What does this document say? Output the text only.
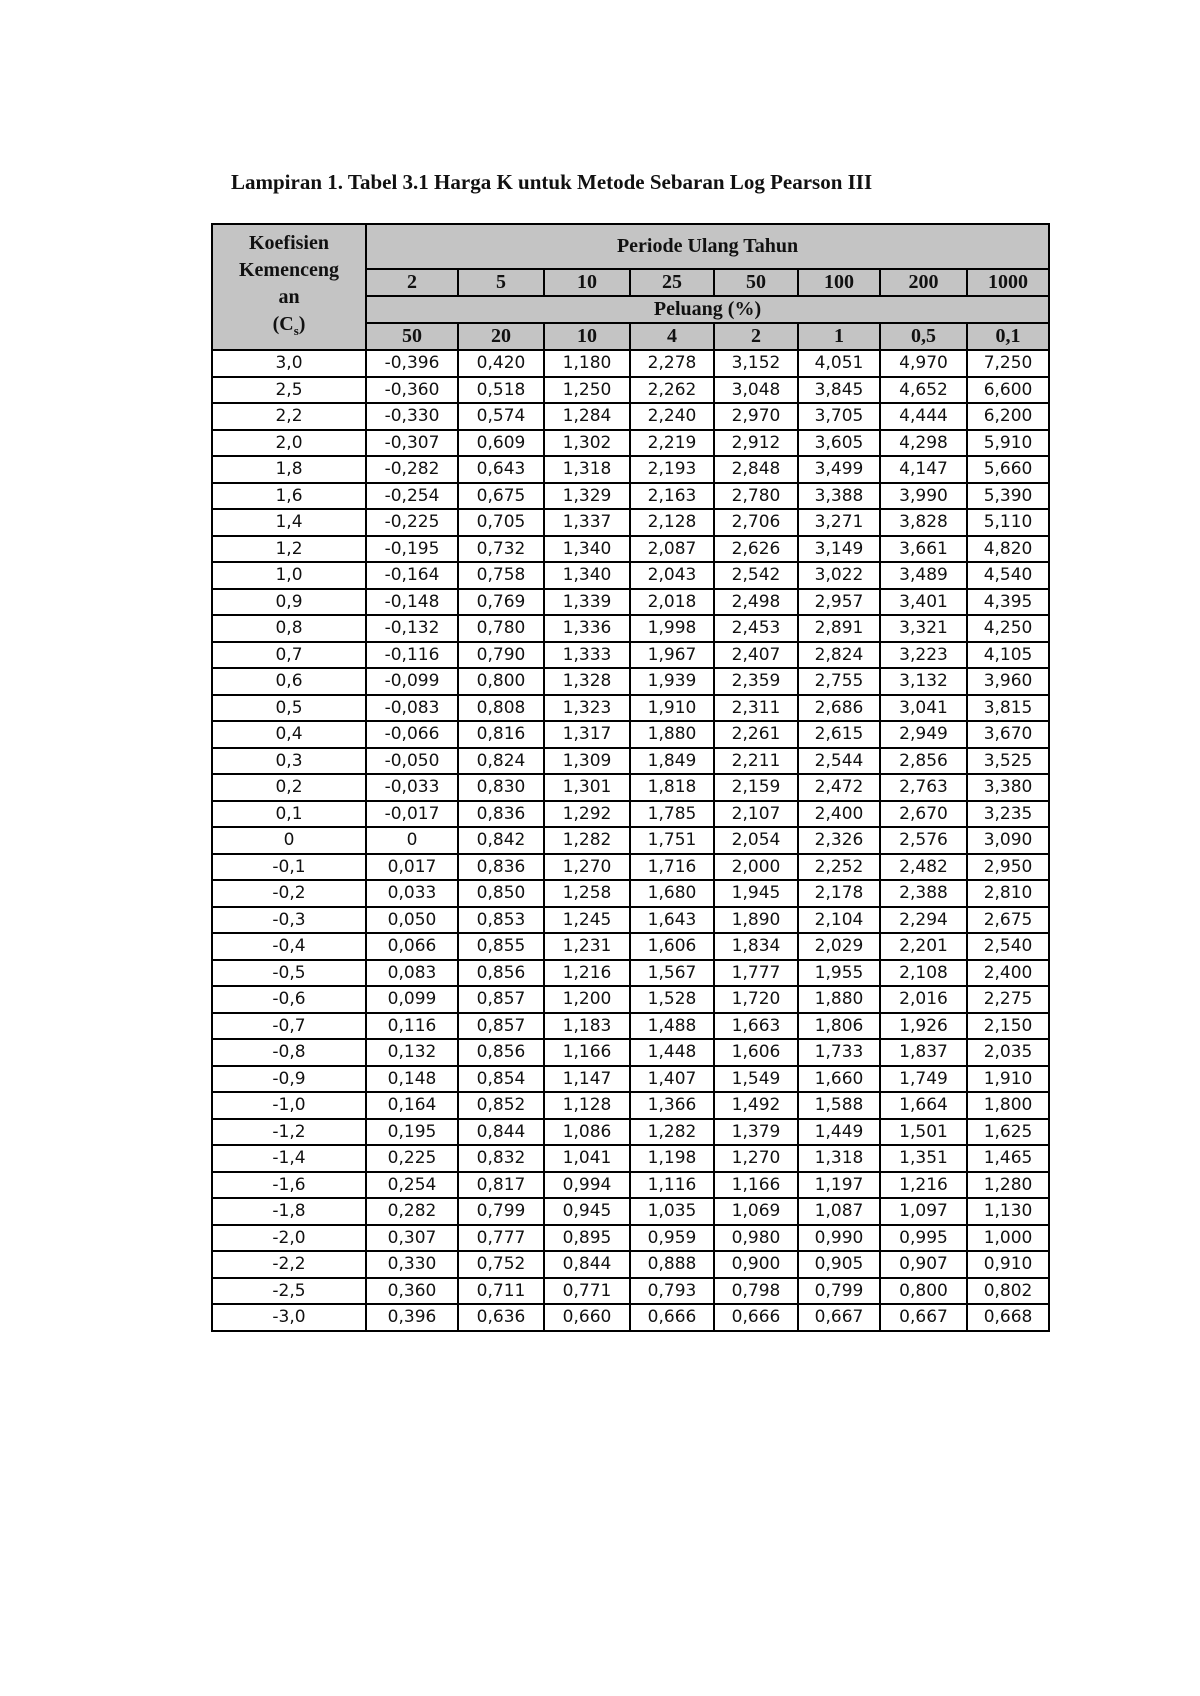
Lampiran 1. Tabel 3.1 Harga K untuk Metode Sebaran Log Pearson III
Koefisien
Kemenceng
an
$(C_s)$	Periode Ulang Tahun							
	2	5	10	25	50	100	200	1000
	Peluang (%)							
	50	20	10	4	2	1	0,5	0,1
3,0	-0,396	0,420	1,180	2,278	3,152	4,051	4,970	7,250
2,5	-0,360	0,518	1,250	2,262	3,048	3,845	4,652	6,600
2,2	-0,330	0,574	1,284	2,240	2,970	3,705	4,444	6,200
2,0	-0,307	0,609	1,302	2,219	2,912	3,605	4,298	5,910
1,8	-0,282	0,643	1,318	2,193	2,848	3,499	4,147	5,660
1,6	-0,254	0,675	1,329	2,163	2,780	3,388	3,990	5,390
1,4	-0,225	0,705	1,337	2,128	2,706	3,271	3,828	5,110
1,2	-0,195	0,732	1,340	2,087	2,626	3,149	3,661	4,820
1,0	-0,164	0,758	1,340	2,043	2,542	3,022	3,489	4,540
0,9	-0,148	0,769	1,339	2,018	2,498	2,957	3,401	4,395
0,8	-0,132	0,780	1,336	1,998	2,453	2,891	3,321	4,250
0,7	-0,116	0,790	1,333	1,967	2,407	2,824	3,223	4,105
0,6	-0,099	0,800	1,328	1,939	2,359	2,755	3,132	3,960
0,5	-0,083	0,808	1,323	1,910	2,311	2,686	3,041	3,815
0,4	-0,066	0,816	1,317	1,880	2,261	2,615	2,949	3,670
0,3	-0,050	0,824	1,309	1,849	2,211	2,544	2,856	3,525
0,2	-0,033	0,830	1,301	1,818	2,159	2,472	2,763	3,380
0,1	-0,017	0,836	1,292	1,785	2,107	2,400	2,670	3,235
0	0	0,842	1,282	1,751	2,054	2,326	2,576	3,090
-0,1	0,017	0,836	1,270	1,716	2,000	2,252	2,482	2,950
-0,2	0,033	0,850	1,258	1,680	1,945	2,178	2,388	2,810
-0,3	0,050	0,853	1,245	1,643	1,890	2,104	2,294	2,675
-0,4	0,066	0,855	1,231	1,606	1,834	2,029	2,201	2,540
-0,5	0,083	0,856	1,216	1,567	1,777	1,955	2,108	2,400
-0,6	0,099	0,857	1,200	1,528	1,720	1,880	2,016	2,275
-0,7	0,116	0,857	1,183	1,488	1,663	1,806	1,926	2,150
-0,8	0,132	0,856	1,166	1,448	1,606	1,733	1,837	2,035
-0,9	0,148	0,854	1,147	1,407	1,549	1,660	1,749	1,910
-1,0	0,164	0,852	1,128	1,366	1,492	1,588	1,664	1,800
-1,2	0,195	0,844	1,086	1,282	1,379	1,449	1,501	1,625
-1,4	0,225	0,832	1,041	1,198	1,270	1,318	1,351	1,465
-1,6	0,254	0,817	0,994	1,116	1,166	1,197	1,216	1,280
-1,8	0,282	0,799	0,945	1,035	1,069	1,087	1,097	1,130
-2,0	0,307	0,777	0,895	0,959	0,980	0,990	0,995	1,000
-2,2	0,330	0,752	0,844	0,888	0,900	0,905	0,907	0,910
-2,5	0,360	0,711	0,771	0,793	0,798	0,799	0,800	0,802
-3,0	0,396	0,636	0,660	0,666	0,666	0,667	0,667	0,668
